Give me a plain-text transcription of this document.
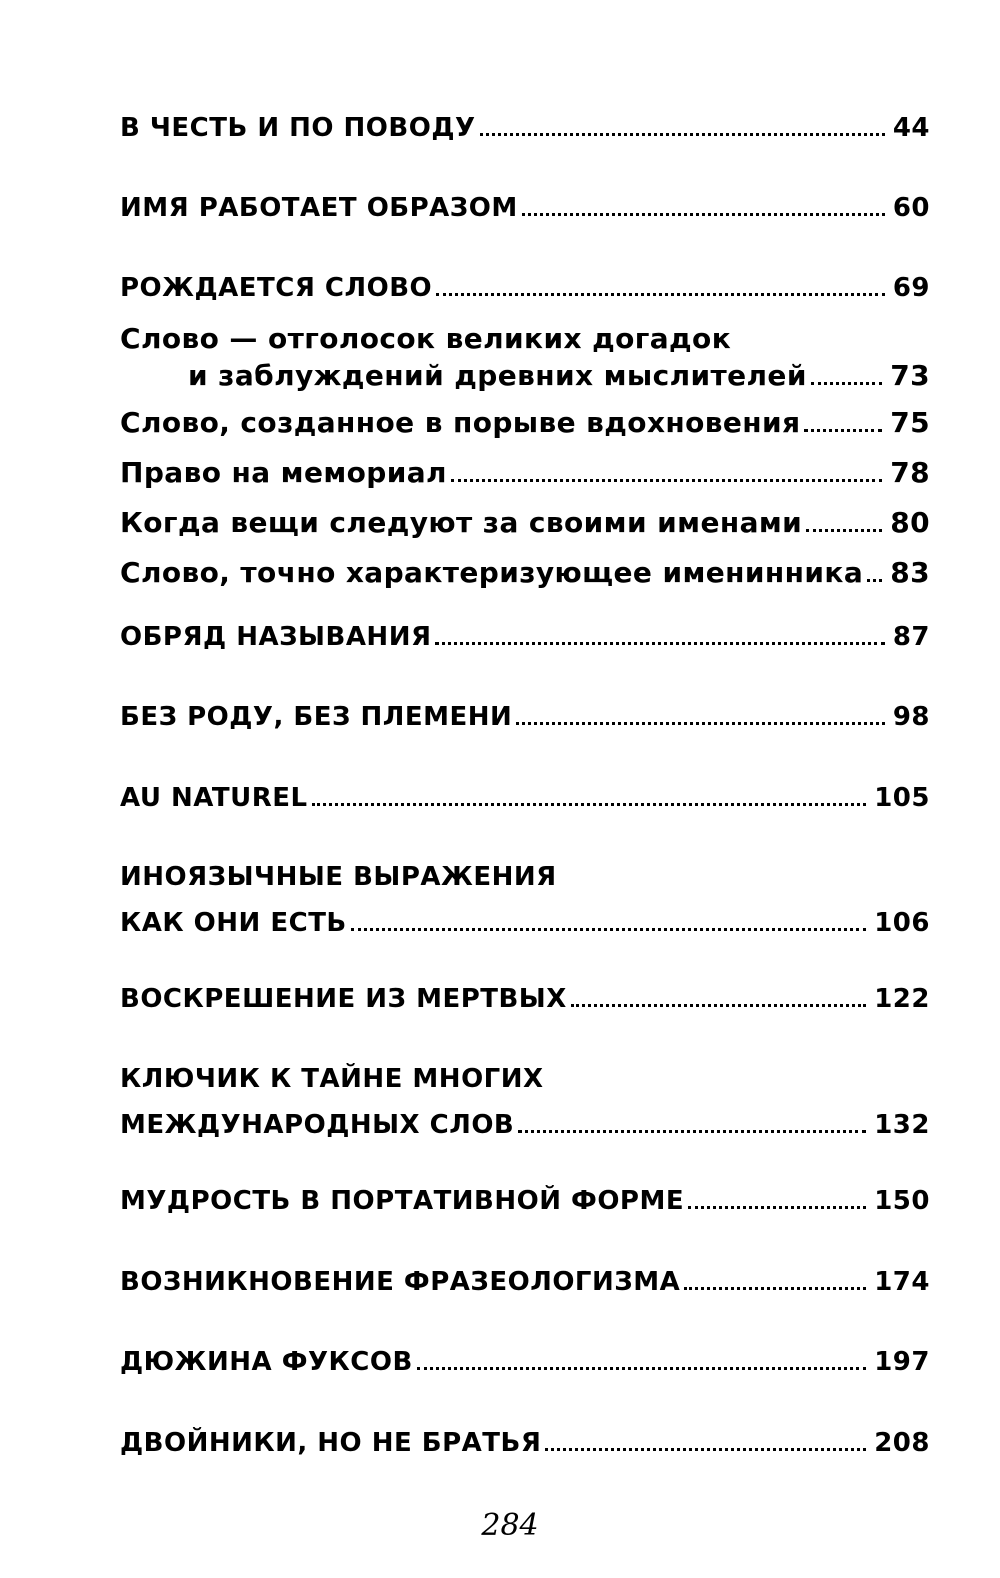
В ЧЕСТЬ И ПО ПОВОДУ	44
ИМЯ РАБОТАЕТ ОБРАЗОМ	60
РОЖДАЕТСЯ СЛОВО	69
Слово — отголосок великих догадок
и заблуждений древних мыслителей	73
Слово, созданное в порыве вдохновения	75
Право на мемориал	78
Когда вещи следуют за своими именами	80
Слово, точно характеризующее именинника 83
ОБРЯД НАЗЫВАНИЯ	87
БЕЗ РОДУ, БЕЗ ПЛЕМЕНИ	98
AU NATUREL	105
ИНОЯЗЫЧНЫЕ ВЫРАЖЕНИЯ
КАК ОНИ ЕСТЬ	106
ВОСКРЕШЕНИЕ ИЗ МЕРТВЫХ	122
КЛЮЧИК К ТАЙНЕ МНОГИХ
МЕЖДУНАРОДНЫХ СЛОВ	132
МУДРОСТЬ В ПОРТАТИВНОЙ ФОРМЕ	150
ВОЗНИКНОВЕНИЕ ФРАЗЕОЛОГИЗМА	174
ДЮЖИНА ФУКСОВ	197
ДВОЙНИКИ, НО НЕ БРАТЬЯ	208
284
